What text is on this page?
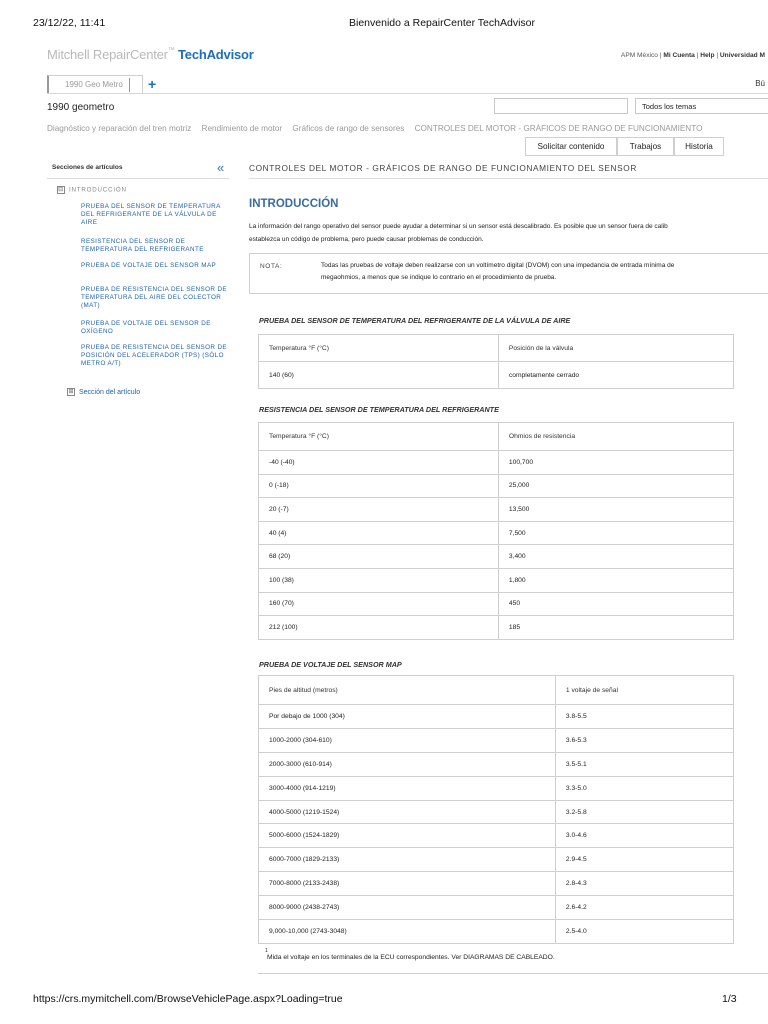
23/12/22, 11:41	Bienvenido a RepairCenter TechAdvisor
Mitchell RepairCenter™ TechAdvisor	APM México | Mi Cuenta | Help | Universidad M
1990 Geo Metro	+	Bú
1990 geometro	Todos los temas
Diagnóstico y reparación del tren motriz Rendimiento de motor Gráficos de rango de sensores CONTROLES DEL MOTOR - GRÁFICOS DE RANGO DE FUNCIONAMIENTO
Solicitar contenido	Trabajos	Historia
Secciones de artículos	«
⊟ INTRODUCCIÓN
PRUEBA DEL SENSOR DE TEMPERATURA DEL REFRIGERANTE DE LA VÁLVULA DE AIRE
RESISTENCIA DEL SENSOR DE TEMPERATURA DEL REFRIGERANTE
PRUEBA DE VOLTAJE DEL SENSOR MAP
PRUEBA DE RESISTENCIA DEL SENSOR DE TEMPERATURA DEL AIRE DEL COLECTOR (MAT)
PRUEBA DE VOLTAJE DEL SENSOR DE OXÍGENO
PRUEBA DE RESISTENCIA DEL SENSOR DE POSICIÓN DEL ACELERADOR (TPS) (SÓLO METRO A/T)
⊞ Sección del artículo
CONTROLES DEL MOTOR - GRÁFICOS DE RANGO DE FUNCIONAMIENTO DEL SENSOR
INTRODUCCIÓN
La información del rango operativo del sensor puede ayudar a determinar si un sensor está descalibrado. Es posible que un sensor fuera de calib
establezca un código de problema, pero puede causar problemas de conducción.
NOTA:	Todas las pruebas de voltaje deben realizarse con un voltímetro digital (DVOM) con una impedancia de entrada mínima de
megaohmios, a menos que se indique lo contrario en el procedimiento de prueba.
PRUEBA DEL SENSOR DE TEMPERATURA DEL REFRIGERANTE DE LA VÁLVULA DE AIRE
Temperatura °F (°C)	Posición de la válvula
140 (60)	completamente cerrado
RESISTENCIA DEL SENSOR DE TEMPERATURA DEL REFRIGERANTE
Temperatura °F (°C)	Ohmios de resistencia
-40 (-40)	100,700
0 (-18)	25,000
20 (-7)	13,500
40 (4)	7,500
68 (20)	3,400
100 (38)	1,800
160 (70)	450
212 (100)	185
PRUEBA DE VOLTAJE DEL SENSOR MAP
Pies de altitud (metros)	1 voltaje de señal
Por debajo de 1000 (304)	3.8-5.5
1000-2000 (304-610)	3.6-5.3
2000-3000 (610-914)	3.5-5.1
3000-4000 (914-1219)	3.3-5.0
4000-5000 (1219-1524)	3.2-5.8
5000-6000 (1524-1829)	3.0-4.6
6000-7000 (1829-2133)	2.9-4.5
7000-8000 (2133-2438)	2.8-4.3
8000-9000 (2438-2743)	2.6-4.2
9,000-10,000 (2743-3048)	2.5-4.0
1
Mida el voltaje en los terminales de la ECU correspondientes. Ver DIAGRAMAS DE CABLEADO.
https://crs.mymitchell.com/BrowseVehiclePage.aspx?Loading=true	1/3
